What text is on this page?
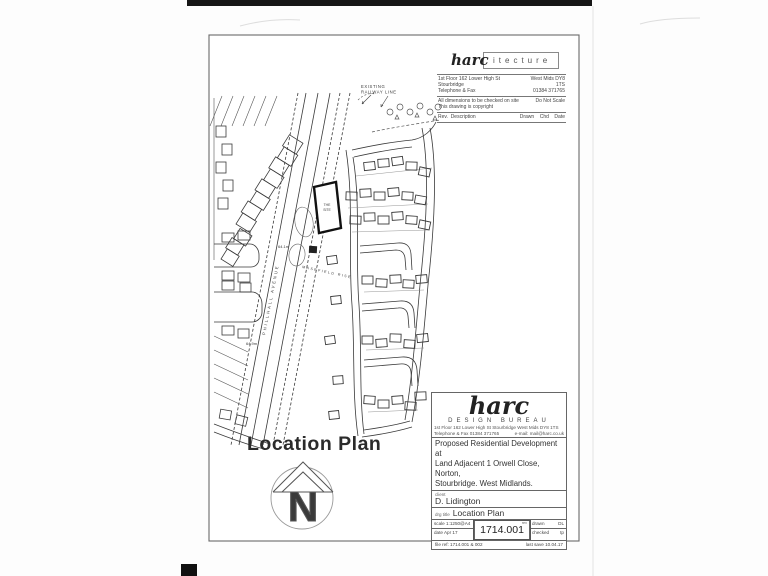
EXISTING
RAILWAY LINE
PHILLHALL AVENUE	MASEFIELD RISE
64.1m
64.9m
THE
SITE
N
itecture
harc
1st Floor 162 Lower High St Stourbridge
Telephone & Fax
West Mids DY8 1TS
01384 371765
All dimensions to be checked on site
This drawing is copyright
Do Not Scale
Rev.  Description	Drawn    Chd    Date
Location Plan
harc
DESIGN BUREAU
1st Floor 162 Lower High St Stourbridge West Mids DY8 1TS
Telephone & Fax 01384 371765	e-mail: mail@harc.co.uk
Proposed Residential Development at
Land Adjacent 1 Orwell Close, Norton,
Stourbridge. West Midlands.
client
D. Lidington
drg title Location Plan
scale 1:1250@A4
date Apr 17
rev
1714.001
drawn	DL
checked tp
file ref: 1714.001 & 002	last save 10.04.17
